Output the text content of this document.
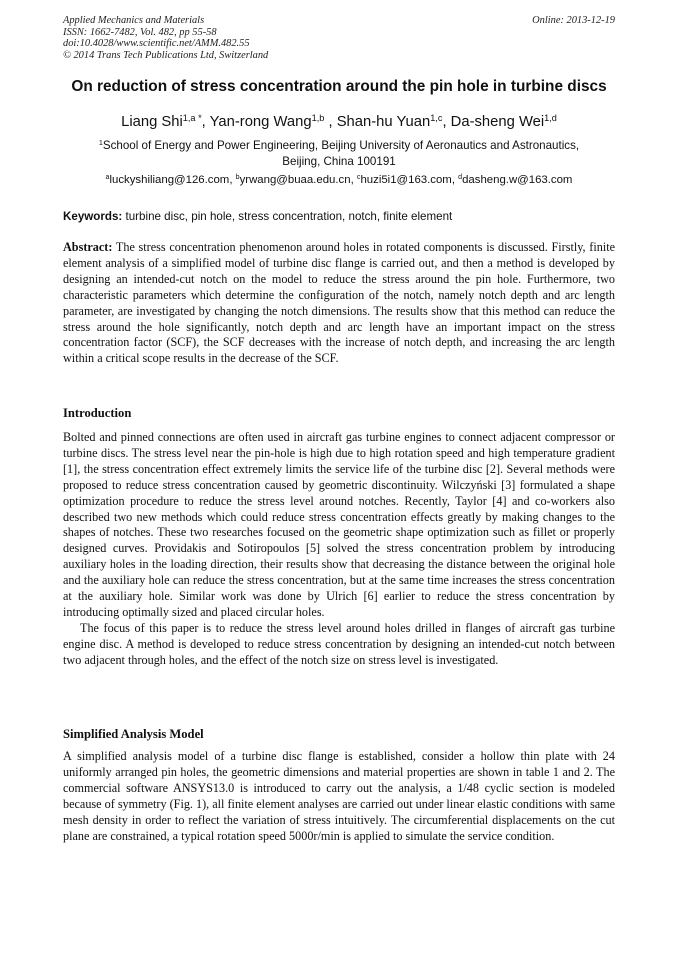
Applied Mechanics and Materials
ISSN: 1662-7482, Vol. 482, pp 55-58
doi:10.4028/www.scientific.net/AMM.482.55
© 2014 Trans Tech Publications Ltd, Switzerland
Online: 2013-12-19
On reduction of stress concentration around the pin hole in turbine discs
Liang Shi$^{1,a *}$, Yan-rong Wang$^{1,b}$ , Shan-hu Yuan$^{1,c}$, Da-sheng Wei$^{1,d}$
$^1$School of Energy and Power Engineering, Beijing University of Aeronautics and Astronautics,
Beijing, China 100191
$^a$luckyshiliang@126.com, $^b$yrwang@buaa.edu.cn, $^c$huzi5i1@163.com, $^d$dasheng.w@163.com
Keywords: turbine disc, pin hole, stress concentration, notch, finite element
Abstract: The stress concentration phenomenon around holes in rotated components is discussed. Firstly, finite element analysis of a simplified model of turbine disc flange is carried out, and then a method is developed by designing an intended-cut notch on the model to reduce the stress around the pin hole. Furthermore, two characteristic parameters which determine the configuration of the notch, namely notch depth and arc length parameter, are investigated by changing the notch dimensions. The results show that this method can reduce the stress around the hole significantly, notch depth and arc length have an important impact on the stress concentration factor (SCF), the SCF decreases with the increase of notch depth, and increasing the arc length within a critical scope results in the decrease of the SCF.
Introduction

Bolted and pinned connections are often used in aircraft gas turbine engines to connect adjacent compressor or turbine discs. The stress level near the pin-hole is high due to high rotation speed and high temperature gradient [1], the stress concentration effect extremely limits the service life of the turbine disc [2]. Several methods were proposed to reduce stress concentration caused by geometric discontinuity. Wilczyński [3] formulated a shape optimization procedure to reduce the stress level around notches. Recently, Taylor [4] and co-workers also described two new methods which could reduce stress concentration effects greatly by making changes to the shapes of notches. These two researches focused on the geometric shape optimization such as fillet or properly designed curves. Providakis and Sotiropoulos [5] solved the stress concentration problem by introducing auxiliary holes in the loading direction, their results show that decreasing the distance between the original hole and the auxiliary hole can reduce the stress concentration, but at the same time increases the stress concentration at the auxiliary hole. Similar work was done by Ulrich [6] earlier to reduce the stress concentration by introducing optimally sized and placed circular holes.

The focus of this paper is to reduce the stress level around holes drilled in flanges of aircraft gas turbine engine disc. A method is developed to reduce stress concentration by designing an intended-cut notch between two adjacent through holes, and the effect of the notch size on stress level is investigated.

Simplified Analysis Model

A simplified analysis model of a turbine disc flange is established, consider a hollow thin plate with 24 uniformly arranged pin holes, the geometric dimensions and material properties are shown in table 1 and 2. The commercial software ANSYS13.0 is introduced to carry out the analysis, a 1/48 cyclic section is modeled because of symmetry (Fig. 1), all finite element analyses are carried out under linear elastic conditions with same mesh density in order to reflect the variation of stress intuitively. The circumferential displacements on the cut plane are constrained, a typical rotation speed 5000r/min is applied to simulate the service condition.
